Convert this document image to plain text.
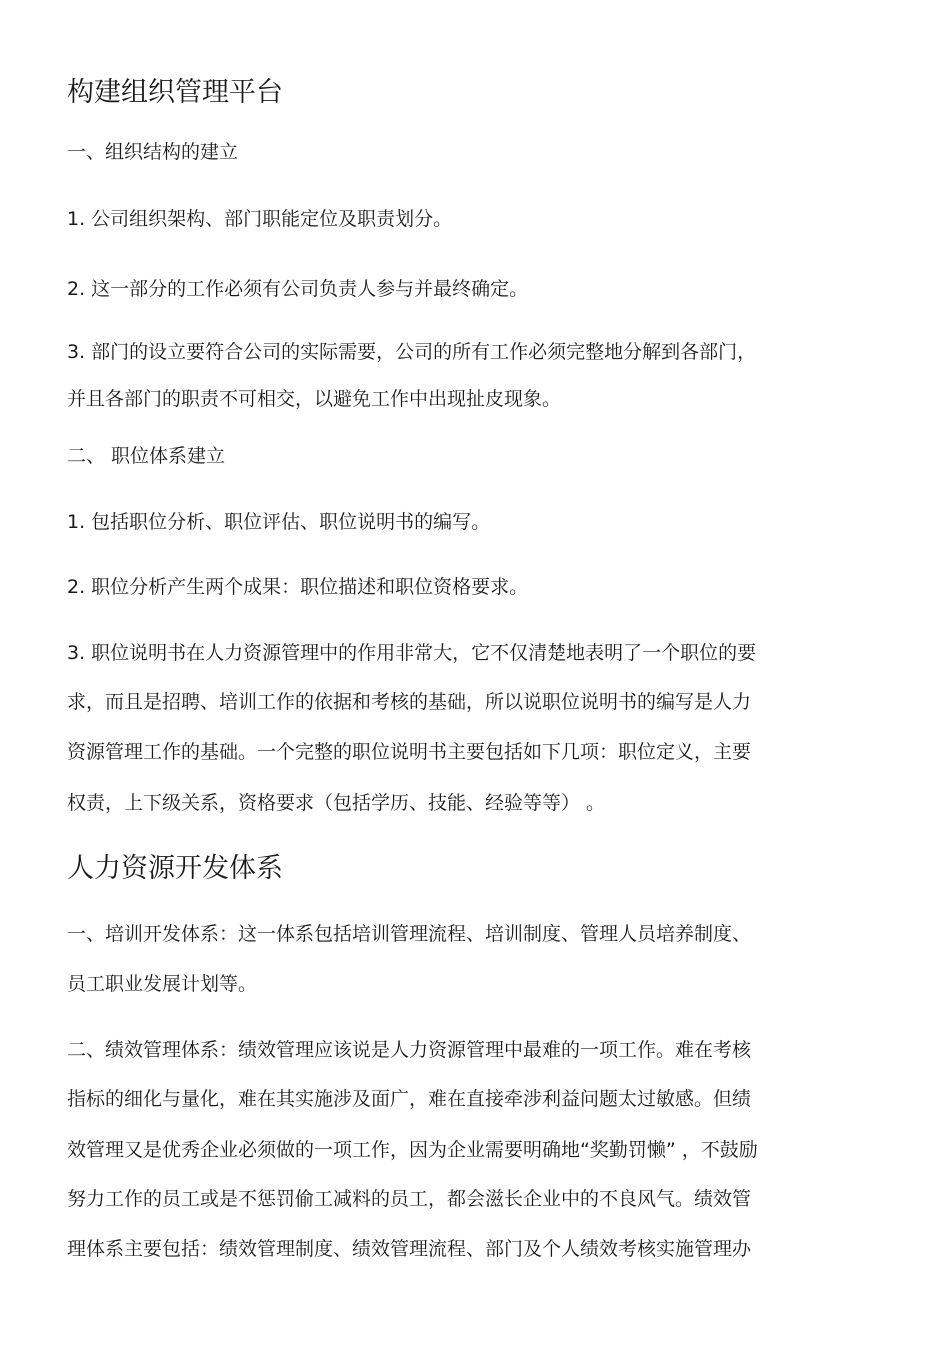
构建组织管理平台
一、组织结构的建立
1. 公司组织架构、部门职能定位及职责划分。
2. 这一部分的工作必须有公司负责人参与并最终确定。
3. 部门的设立要符合公司的实际需要，公司的所有工作必须完整地分解到各部门，
并且各部门的职责不可相交，以避免工作中出现扯皮现象。
二、 职位体系建立
1. 包括职位分析、职位评估、职位说明书的编写。
2. 职位分析产生两个成果：职位描述和职位资格要求。
3. 职位说明书在人力资源管理中的作用非常大，它不仅清楚地表明了一个职位的要
求，而且是招聘、培训工作的依据和考核的基础，所以说职位说明书的编写是人力
资源管理工作的基础。一个完整的职位说明书主要包括如下几项：职位定义，主要
权责，上下级关系，资格要求（包括学历、技能、经验等等） 。
人力资源开发体系
一、培训开发体系：这一体系包括培训管理流程、培训制度、管理人员培养制度、
员工职业发展计划等。
二、绩效管理体系：绩效管理应该说是人力资源管理中最难的一项工作。难在考核
指标的细化与量化，难在其实施涉及面广，难在直接牵涉利益问题太过敏感。但绩
效管理又是优秀企业必须做的一项工作，因为企业需要明确地“奖勤罚懒” ，不鼓励
努力工作的员工或是不惩罚偷工减料的员工，都会滋长企业中的不良风气。绩效管
理体系主要包括：绩效管理制度、绩效管理流程、部门及个人绩效考核实施管理办
